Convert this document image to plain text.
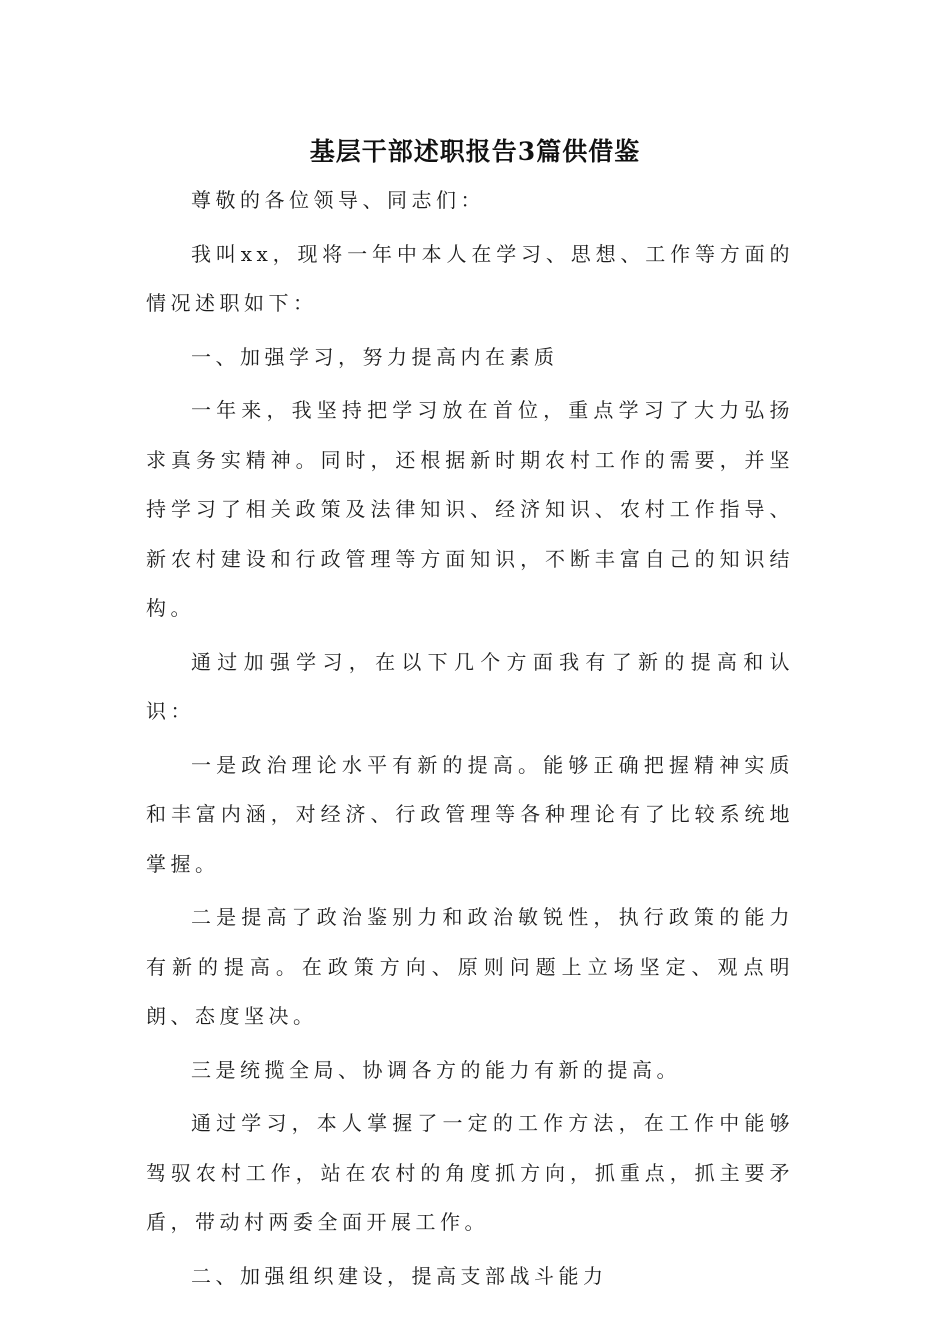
基层干部述职报告3篇供借鉴

尊敬的各位领导、同志们：

我叫xx，现将一年中本人在学习、思想、工作等方面的情况述职如下：

一、加强学习，努力提高内在素质

一年来，我坚持把学习放在首位，重点学习了大力弘扬求真务实精神。同时，还根据新时期农村工作的需要，并坚持学习了相关政策及法律知识、经济知识、农村工作指导、新农村建设和行政管理等方面知识，不断丰富自己的知识结构。

通过加强学习，在以下几个方面我有了新的提高和认识：

一是政治理论水平有新的提高。能够正确把握精神实质和丰富内涵，对经济、行政管理等各种理论有了比较系统地掌握。

二是提高了政治鉴别力和政治敏锐性，执行政策的能力有新的提高。在政策方向、原则问题上立场坚定、观点明朗、态度坚决。

三是统揽全局、协调各方的能力有新的提高。

通过学习，本人掌握了一定的工作方法，在工作中能够驾驭农村工作，站在农村的角度抓方向，抓重点，抓主要矛盾，带动村两委全面开展工作。

二、加强组织建设，提高支部战斗能力
